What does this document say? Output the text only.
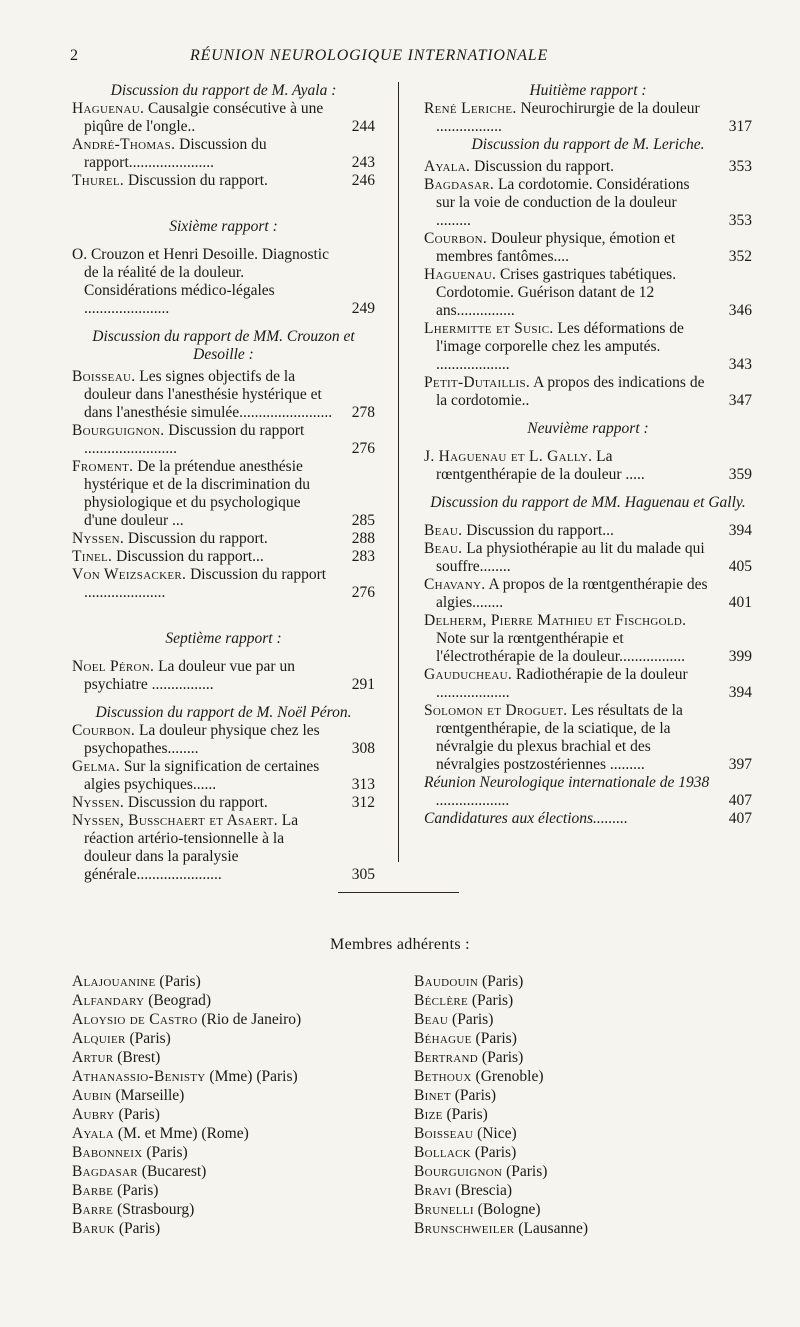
2	RÉUNION NEUROLOGIQUE INTERNATIONALE

Discussion du rapport de M. Ayala :

Haguenau. Causalgie consécutive à une piqûre de l'ongle..	244
André-Thomas. Discussion du rapport......................	243
Thurel. Discussion du rapport.	246

Sixième rapport :

O. Crouzon et Henri Desoille. Diagnostic de la réalité de la douleur. Considérations médico-légales ......................	249

Discussion du rapport de MM. Crouzon et Desoille :

Boisseau. Les signes objectifs de la douleur dans l'anesthésie hystérique et dans l'anesthésie simulée........................ 278
Bourguignon. Discussion du rapport ........................	276
Froment. De la prétendue anesthésie hystérique et de la discrimination du physiologique et du psychologique d'une douleur ...	285
Nyssen. Discussion du rapport.	288
Tinel. Discussion du rapport...	283
Von Weizsacker. Discussion du rapport .....................	276

Septième rapport :

Noel Péron. La douleur vue par un psychiatre ................	291

Discussion du rapport de M. Noël Péron.

Courbon. La douleur physique chez les psychopathes........	308
Gelma. Sur la signification de certaines algies psychiques......	313
Nyssen. Discussion du rapport.	312
Nyssen, Busschaert et Asaert. La réaction artério-tensionnelle à la douleur dans la paralysie générale......................	305

Huitième rapport :

René Leriche. Neurochirurgie de la douleur .................	317

Discussion du rapport de M. Leriche.

Ayala. Discussion du rapport.	353
Bagdasar. La cordotomie. Considérations sur la voie de conduction de la douleur .........	353
Courbon. Douleur physique, émotion et membres fantômes....	352
Haguenau. Crises gastriques tabétiques. Cordotomie. Guérison datant de 12 ans...............	346
Lhermitte et Susic. Les déformations de l'image corporelle chez les amputés. ...................	343
Petit-Dutaillis. A propos des indications de la cordotomie..	347

Neuvième rapport :

J. Haguenau et L. Gally. La rœntgenthérapie de la douleur .....	359

Discussion du rapport de MM. Haguenau et Gally.

Beau. Discussion du rapport...	394
Beau. La physiothérapie au lit du malade qui souffre........	405
Chavany. A propos de la rœntgenthérapie des algies........	401
Delherm, Pierre Mathieu et Fischgold. Note sur la rœntgenthérapie et l'électrothérapie de la douleur.................	399
Gauducheau. Radiothérapie de la douleur ...................	394
Solomon et Droguet. Les résultats de la rœntgenthérapie, de la sciatique, de la névralgie du plexus brachial et des névralgies postzostériennes .........	397
Réunion Neurologique internationale de 1938 ...................	407
Candidatures aux élections.........	407
Membres adhérents :
Alajouanine (Paris)
Alfandary (Beograd)
Aloysio de Castro (Rio de Janeiro)
Alquier (Paris)
Artur (Brest)
Athanassio-Benisty (Mme) (Paris)
Aubin (Marseille)
Aubry (Paris)
Ayala (M. et Mme) (Rome)
Babonneix (Paris)
Bagdasar (Bucarest)
Barbe (Paris)
Barre (Strasbourg)
Baruk (Paris)
Baudouin (Paris)
Béclère (Paris)
Beau (Paris)
Béhague (Paris)
Bertrand (Paris)
Bethoux (Grenoble)
Binet (Paris)
Bize (Paris)
Boisseau (Nice)
Bollack (Paris)
Bourguignon (Paris)
Bravi (Brescia)
Brunelli (Bologne)
Brunschweiler (Lausanne)
